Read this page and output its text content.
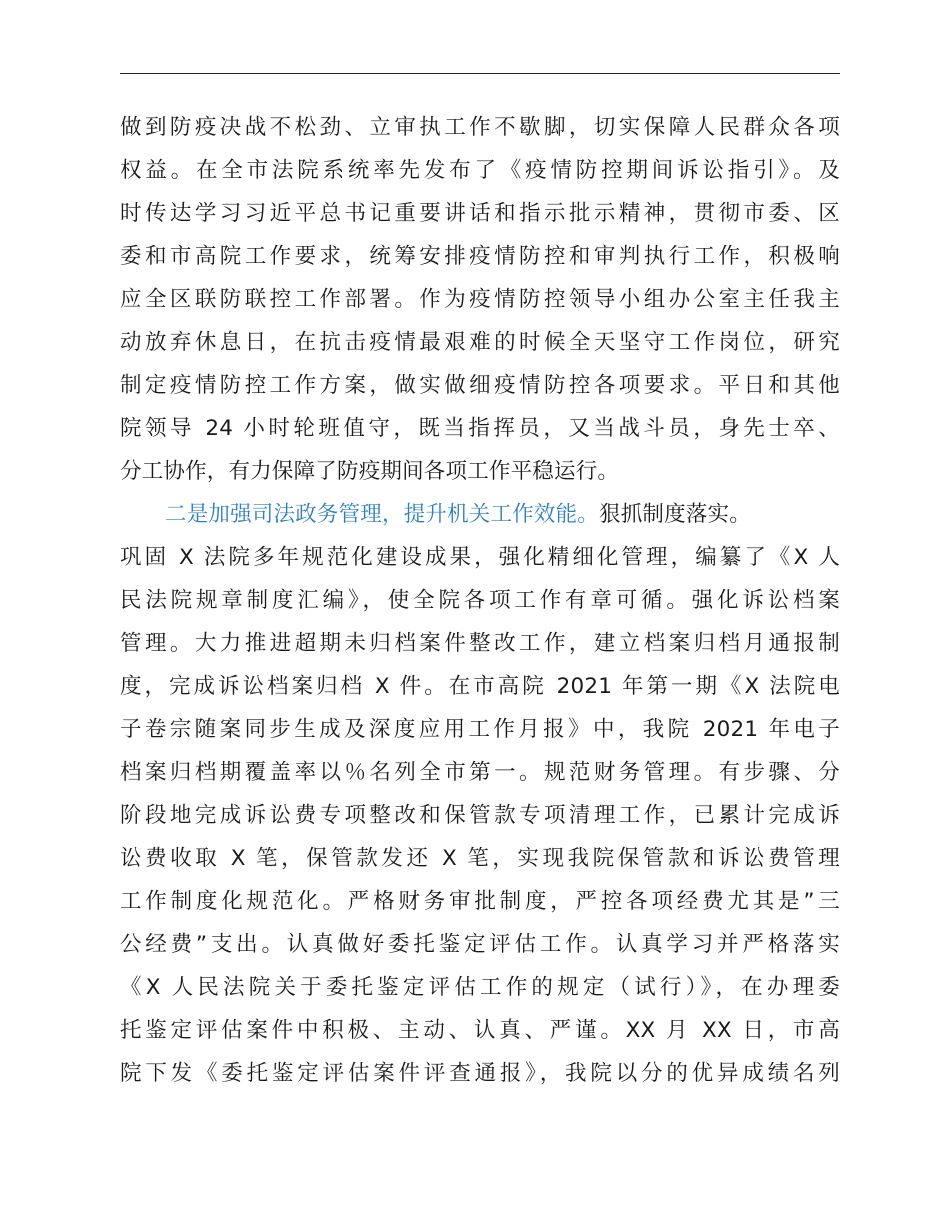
做到防疫决战不松劲、立审执工作不歇脚，切实保障人民群众各项
权益。在全市法院系统率先发布了《疫情防控期间诉讼指引》。及
时传达学习习近平总书记重要讲话和指示批示精神，贯彻市委、区
委和市高院工作要求，统筹安排疫情防控和审判执行工作，积极响
应全区联防联控工作部署。作为疫情防控领导小组办公室主任我主
动放弃休息日，在抗击疫情最艰难的时候全天坚守工作岗位，研究
制定疫情防控工作方案，做实做细疫情防控各项要求。平日和其他
院领导 24 小时轮班值守，既当指挥员，又当战斗员，身先士卒、
分工协作，有力保障了防疫期间各项工作平稳运行。
二是加强司法政务管理，提升机关工作效能。狠抓制度落实。
巩固 X 法院多年规范化建设成果，强化精细化管理，编纂了《X 人
民法院规章制度汇编》，使全院各项工作有章可循。强化诉讼档案
管理。大力推进超期未归档案件整改工作，建立档案归档月通报制
度，完成诉讼档案归档 X 件。在市高院 2021 年第一期《X 法院电
子卷宗随案同步生成及深度应用工作月报》中，我院 2021 年电子
档案归档期覆盖率以％名列全市第一。规范财务管理。有步骤、分
阶段地完成诉讼费专项整改和保管款专项清理工作，已累计完成诉
讼费收取 X 笔，保管款发还 X 笔，实现我院保管款和诉讼费管理
工作制度化规范化。严格财务审批制度，严控各项经费尤其是”三
公经费”支出。认真做好委托鉴定评估工作。认真学习并严格落实
《X 人民法院关于委托鉴定评估工作的规定（试行）》，在办理委
托鉴定评估案件中积极、主动、认真、严谨。XX 月 XX 日，市高
院下发《委托鉴定评估案件评查通报》，我院以分的优异成绩名列
